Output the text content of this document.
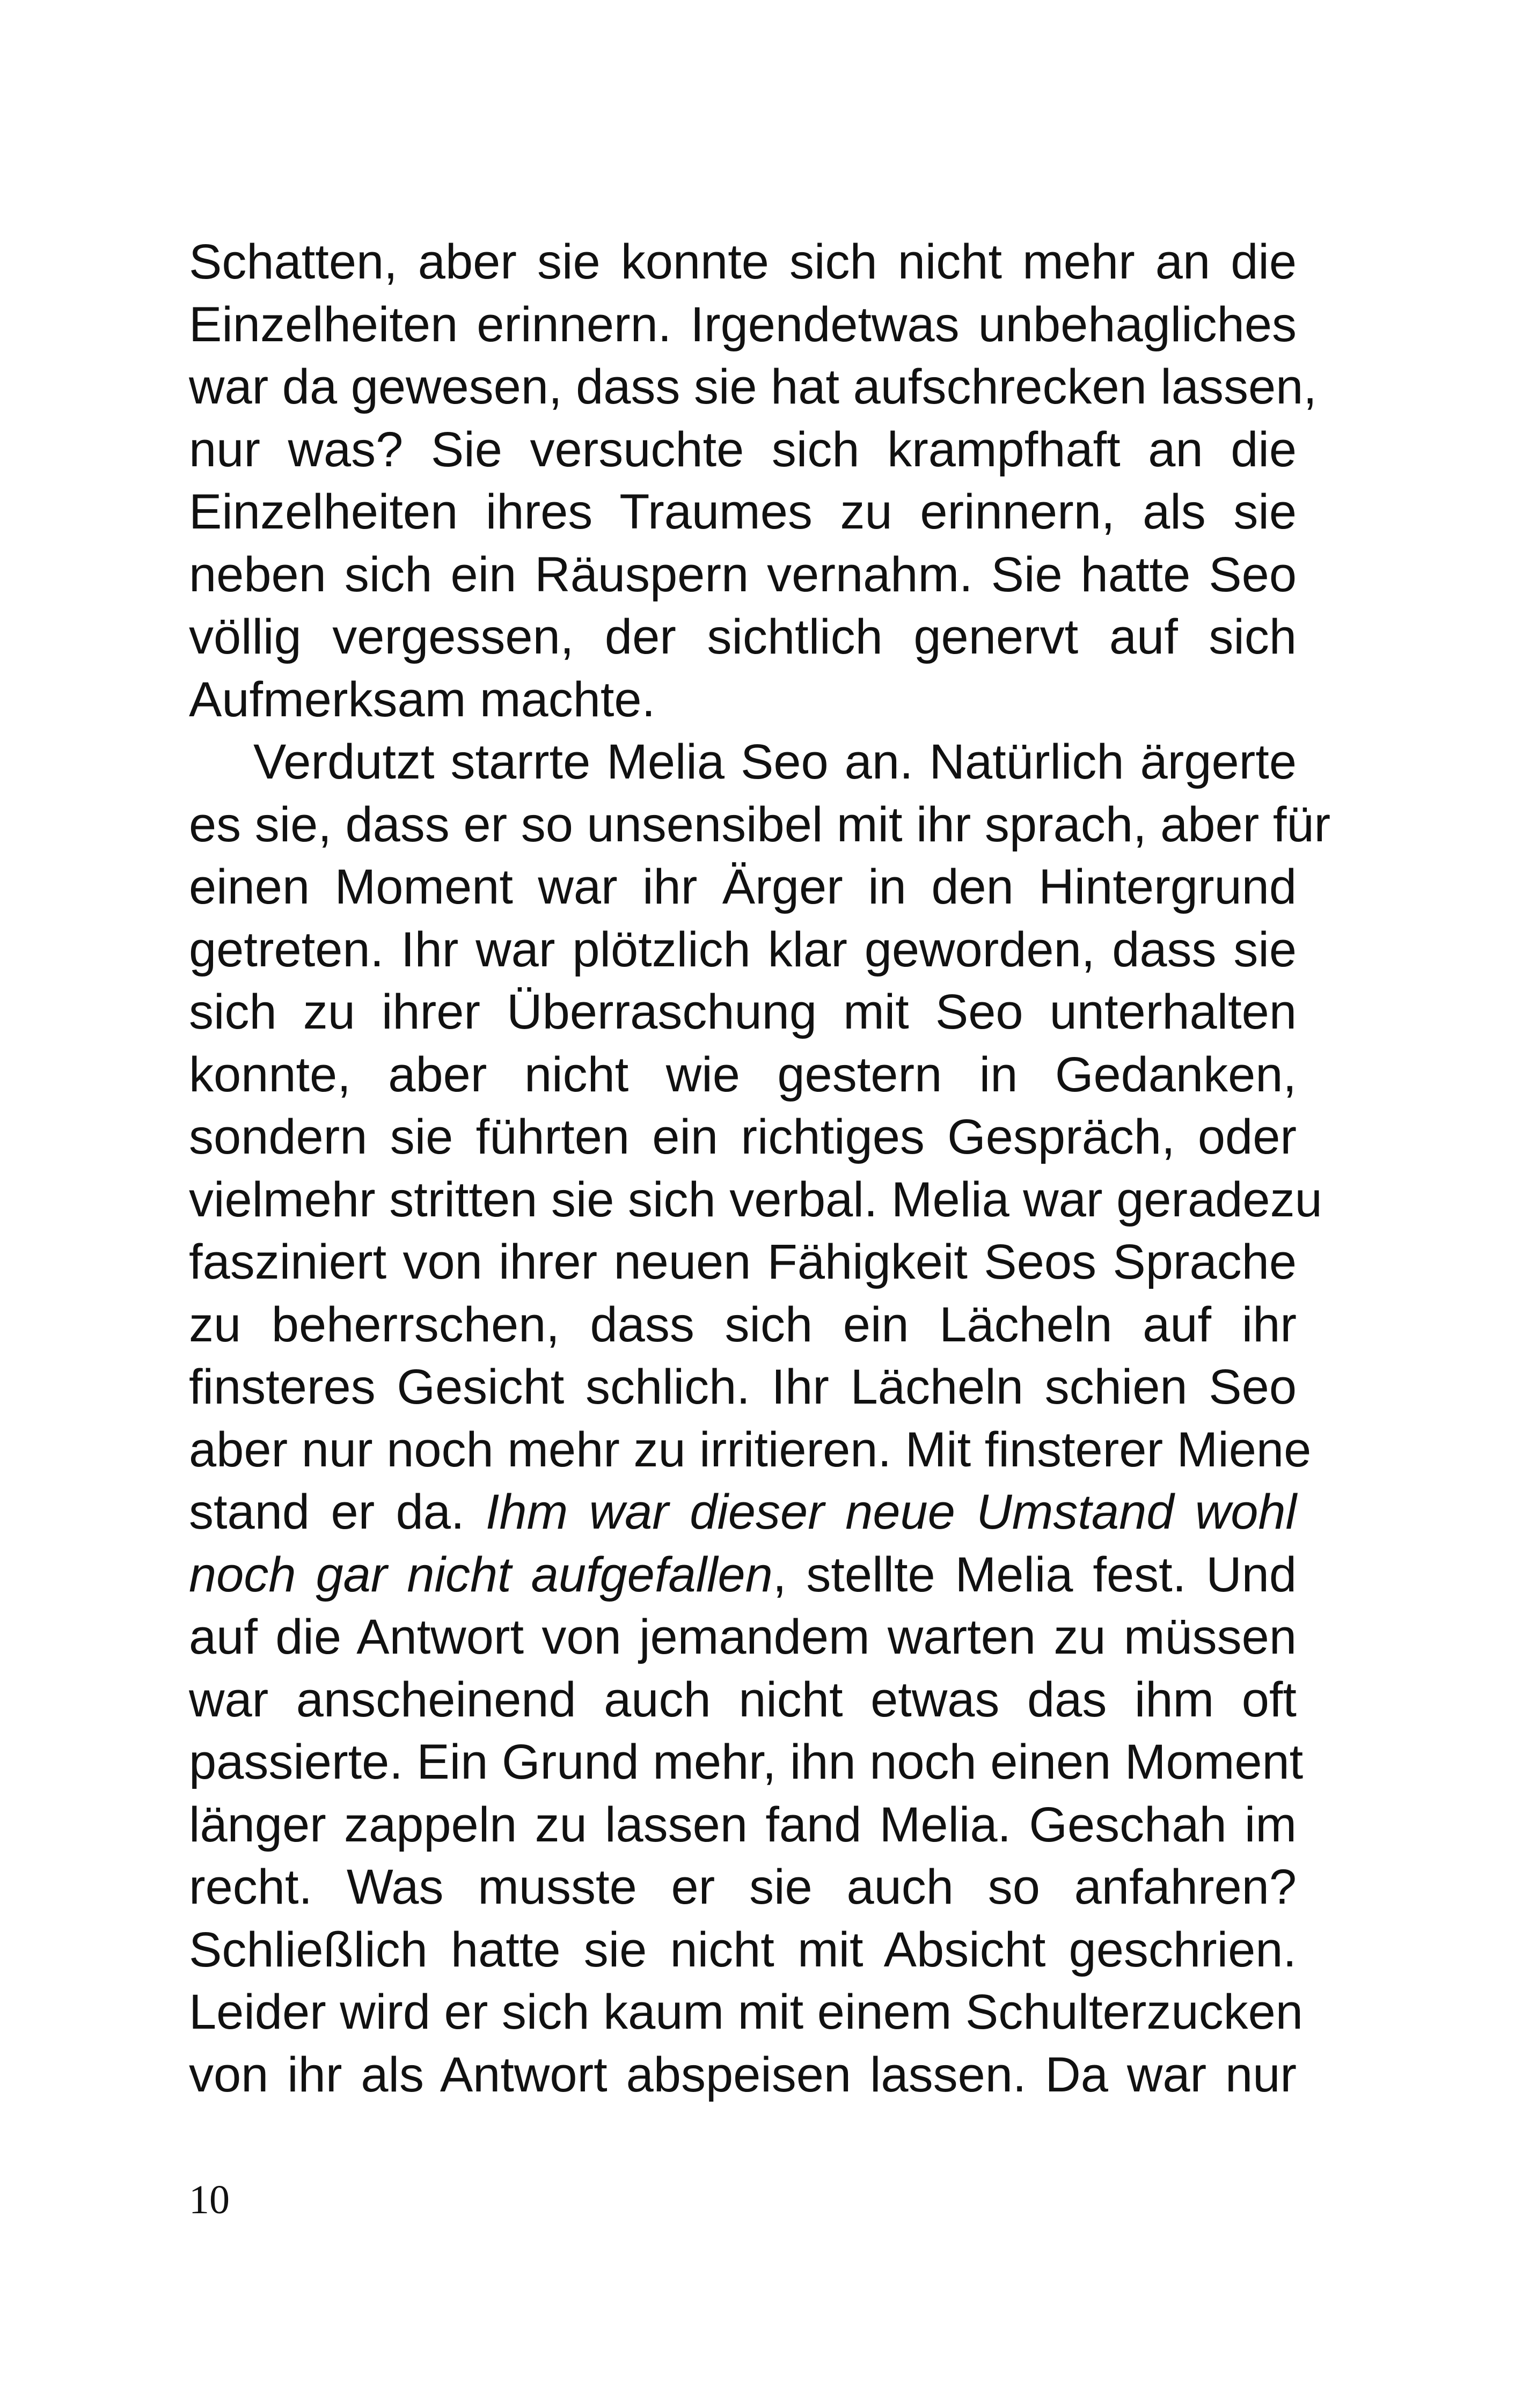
Schatten, aber sie konnte sich nicht mehr an die
Einzelheiten erinnern. Irgendetwas unbehagliches
war da gewesen, dass sie hat aufschrecken lassen,
nur was? Sie versuchte sich krampfhaft an die
Einzelheiten ihres Traumes zu erinnern, als sie
neben sich ein Räuspern vernahm. Sie hatte Seo
völlig vergessen, der sichtlich genervt auf sich
Aufmerksam machte.
Verdutzt starrte Melia Seo an. Natürlich ärgerte
es sie, dass er so unsensibel mit ihr sprach, aber für
einen Moment war ihr Ärger in den Hintergrund
getreten. Ihr war plötzlich klar geworden, dass sie
sich zu ihrer Überraschung mit Seo unterhalten
konnte, aber nicht wie gestern in Gedanken,
sondern sie führten ein richtiges Gespräch, oder
vielmehr stritten sie sich verbal. Melia war geradezu
fasziniert von ihrer neuen Fähigkeit Seos Sprache
zu beherrschen, dass sich ein Lächeln auf ihr
finsteres Gesicht schlich. Ihr Lächeln schien Seo
aber nur noch mehr zu irritieren. Mit finsterer Miene
stand er da. Ihm war dieser neue Umstand wohl
noch gar nicht aufgefallen, stellte Melia fest. Und
auf die Antwort von jemandem warten zu müssen
war anscheinend auch nicht etwas das ihm oft
passierte. Ein Grund mehr, ihn noch einen Moment
länger zappeln zu lassen fand Melia. Geschah im
recht. Was musste er sie auch so anfahren?
Schließlich hatte sie nicht mit Absicht geschrien.
Leider wird er sich kaum mit einem Schulterzucken
von ihr als Antwort abspeisen lassen. Da war nur
10
